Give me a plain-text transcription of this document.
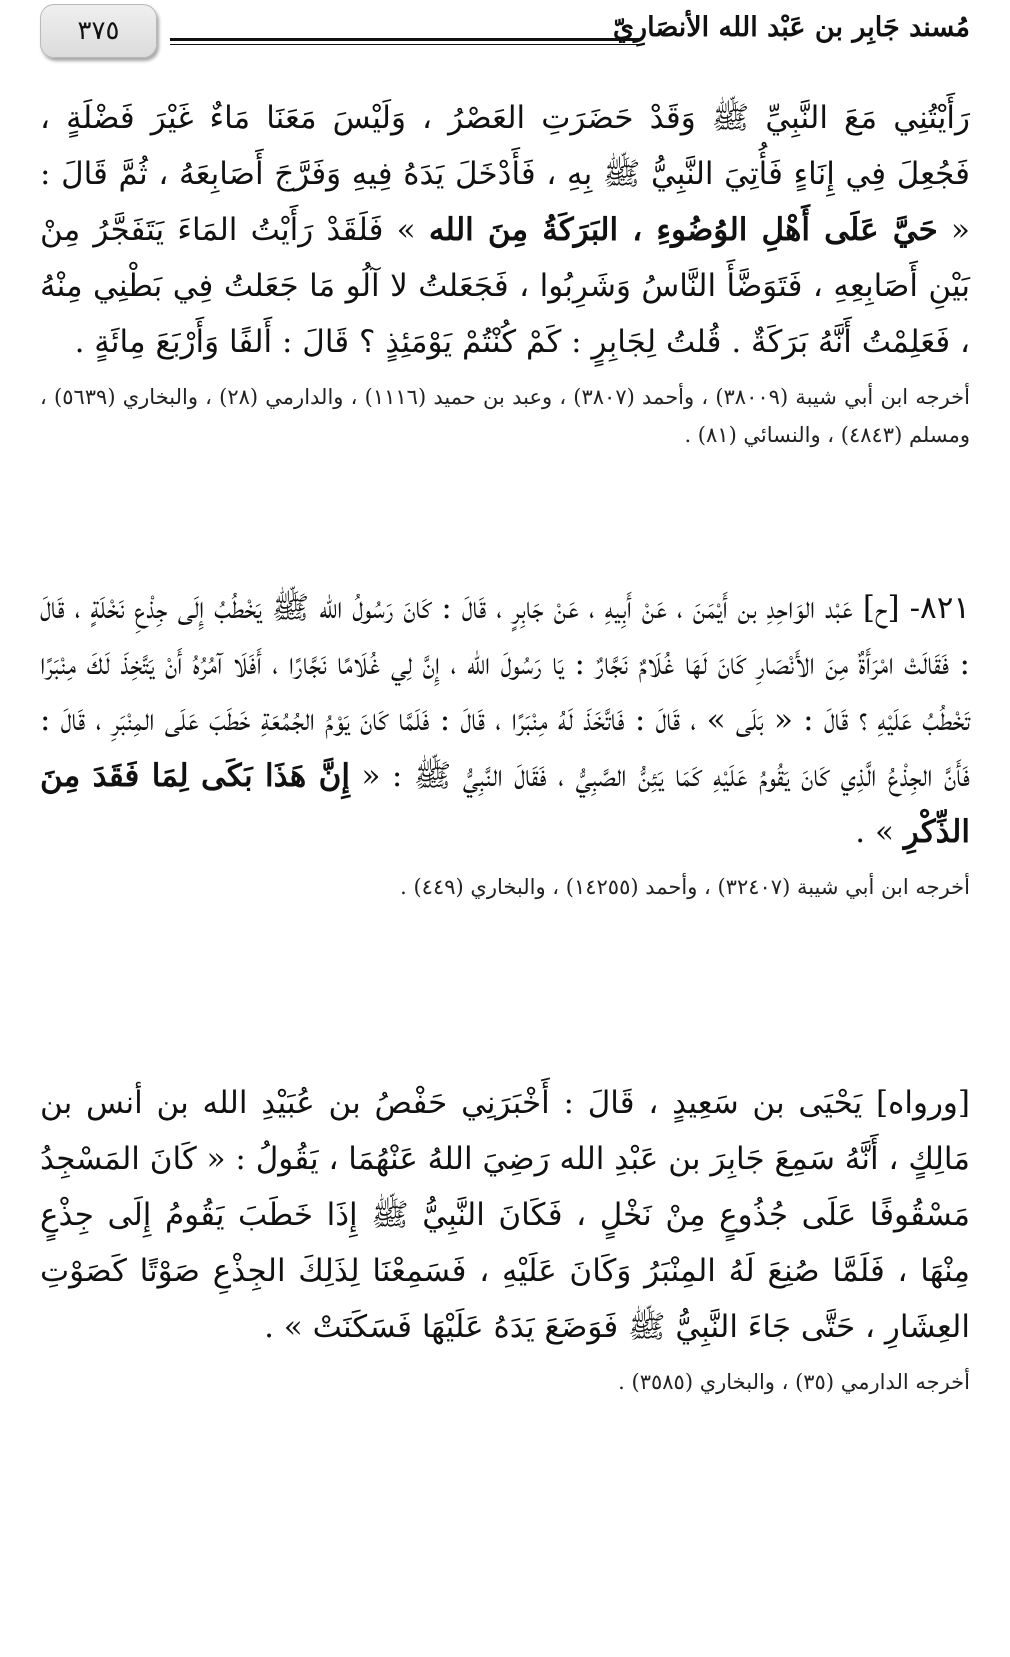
٣٧٥	مُسند جَابِر بن عَبْد الله الأنصَارِيّ

رَأَيْتُنِي مَعَ النَّبِيِّ ﷺ وَقَدْ حَضَرَتِ العَصْرُ ، وَلَيْسَ مَعَنَا مَاءٌ غَيْرَ فَضْلَةٍ ، فَجُعِلَ فِي إِنَاءٍ فَأُتِيَ النَّبِيُّ ﷺ بِهِ ، فَأَدْخَلَ يَدَهُ فِيهِ وَفَرَّجَ أَصَابِعَهُ ، ثُمَّ قَالَ : « حَيَّ عَلَى أَهْلِ الوُضُوءِ ، البَرَكَةُ مِنَ الله » فَلَقَدْ رَأَيْتُ المَاءَ يَتَفَجَّرُ مِنْ بَيْنِ أَصَابِعِهِ ، فَتَوَضَّأَ النَّاسُ وَشَرِبُوا ، فَجَعَلتُ لا آلُو مَا جَعَلتُ فِي بَطْنِي مِنْهُ ، فَعَلِمْتُ أَنَّهُ بَرَكَةٌ . قُلتُ لِجَابِرٍ : كَمْ كُنْتُمْ يَوْمَئِذٍ ؟ قَالَ : أَلفًا وَأَرْبَعَ مِائَةٍ .

أخرجه ابن أبي شيبة (٣٨٠٠٩) ، وأحمد (٣٨٠٧) ، وعبد بن حميد (١١١٦) ، والدارمي (٢٨) ، والبخاري (٥٦٣٩) ، ومسلم (٤٨٤٣) ، والنسائي (٨١) .

٨٢١- [ح] عَبْد الوَاحِدِ بن أَيْمَنَ ، عَنْ أَبِيهِ ، عَنْ جَابِرٍ ، قَالَ : كَانَ رَسُولُ الله ﷺ يَخْطُبُ إِلَى جِذْعِ نَخْلَةٍ ، قَالَ : فَقَالَتْ امْرَأَةٌ مِنَ الأَنْصَارِ كَانَ لَهَا غُلَامٌ نَجَّارٌ : يَا رَسُولَ الله ، إِنَّ لِي غُلَامًا نَجَّارًا ، أَفَلَا آمُرُهُ أَنْ يَتَّخِذَ لَكَ مِنْبَرًا تَخْطُبُ عَلَيْهِ ؟ قَالَ : « بَلَى » ، قَالَ : فَاتَّخَذَ لَهُ مِنْبَرًا ، قَالَ : فَلَمَّا كَانَ يَوْمُ الجُمُعَةِ خَطَبَ عَلَى المِنْبَرِ ، قَالَ : فَأَنَّ الجِذْعُ الَّذِي كَانَ يَقُومُ عَلَيْهِ كَمَا يَئِنُّ الصَّبِيُّ ، فَقَالَ النَّبِيُّ ﷺ : « إِنَّ هَذَا بَكَى لِمَا فَقَدَ مِنَ الذِّكْرِ » .

أخرجه ابن أبي شيبة (٣٢٤٠٧) ، وأحمد (١٤٢٥٥) ، والبخاري (٤٤٩) .

[ورواه] يَحْيَى بن سَعِيدٍ ، قَالَ : أَخْبَرَنِي حَفْصُ بن عُبَيْدِ الله بن أنس بن مَالِكٍ ، أَنَّهُ سَمِعَ جَابِرَ بن عَبْدِ الله رَضِيَ اللهُ عَنْهُمَا ، يَقُولُ : « كَانَ المَسْجِدُ مَسْقُوفًا عَلَى جُذُوعٍ مِنْ نَخْلٍ ، فَكَانَ النَّبِيُّ ﷺ إِذَا خَطَبَ يَقُومُ إِلَى جِذْعٍ مِنْهَا ، فَلَمَّا صُنِعَ لَهُ المِنْبَرُ وَكَانَ عَلَيْهِ ، فَسَمِعْنَا لِذَلِكَ الجِذْعِ صَوْتًا كَصَوْتِ العِشَارِ ، حَتَّى جَاءَ النَّبِيُّ ﷺ فَوَضَعَ يَدَهُ عَلَيْهَا فَسَكَنَتْ » .

أخرجه الدارمي (٣٥) ، والبخاري (٣٥٨٥) .
